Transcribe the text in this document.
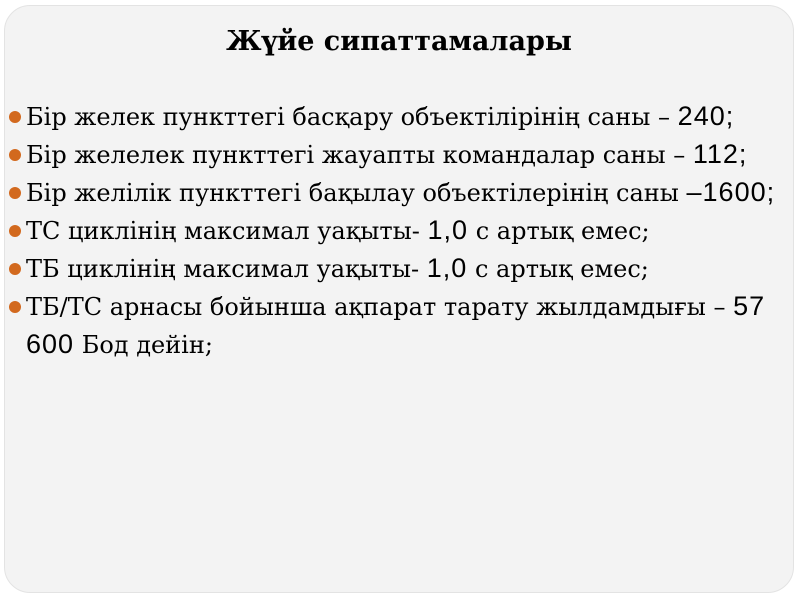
Жүйе сипаттамалары
Бір желек пункттегі басқару объектілірінің саны – 240;
Бір желелек пункттегі жауапты командалар саны – 112;
Бір желілік пункттегі бақылау объектілерінің саны –1600;
ТС циклінің максимал уақыты- 1,0 с артық емес;
ТБ циклінің максимал уақыты- 1,0 с артық емес;
ТБ/ТС арнасы бойынша ақпарат тарату жылдамдығы – 57 600 Бод дейін;
